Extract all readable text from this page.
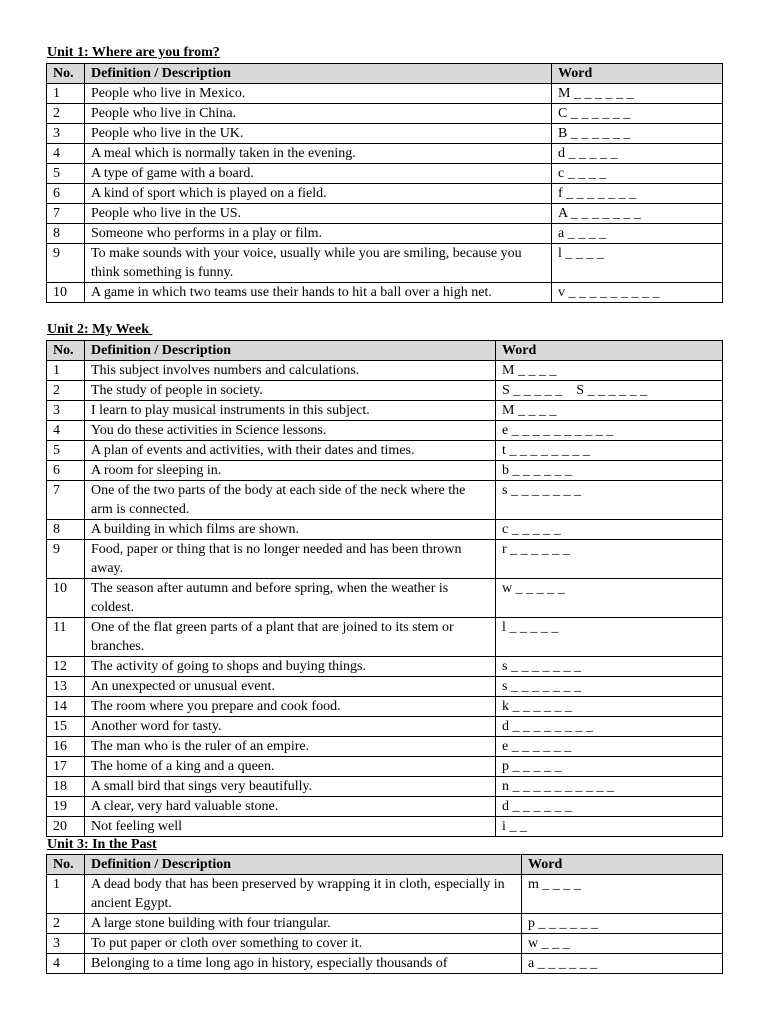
Unit 1: Where are you from?
No.	Definition / Description	Word
1	People who live in Mexico.	M _ _ _ _ _ _
2	People who live in China.	C _ _ _ _ _ _
3	People who live in the UK.	B _ _ _ _ _ _
4	A meal which is normally taken in the evening.	d _ _ _ _ _
5	A type of game with a board.	c _ _ _ _
6	A kind of sport which is played on a field.	f _ _ _ _ _ _ _
7	People who live in the US.	A _ _ _ _ _ _ _
8	Someone who performs in a play or film.	a _ _ _ _
9	To make sounds with your voice, usually while you are smiling, because you think something is funny.	l _ _ _ _
10	A game in which two teams use their hands to hit a ball over a high net.	v _ _ _ _ _ _ _ _ _
Unit 2: My Week
No.	Definition / Description	Word
1	This subject involves numbers and calculations.	M _ _ _ _
2	The study of people in society.	S _ _ _ _ _    S _ _ _ _ _ _
3	I learn to play musical instruments in this subject.	M _ _ _ _
4	You do these activities in Science lessons.	e _ _ _ _ _ _ _ _ _ _
5	A plan of events and activities, with their dates and times.	t _ _ _ _ _ _ _ _
6	A room for sleeping in.	b _ _ _ _ _ _
7	One of the two parts of the body at each side of the neck where the arm is connected.	s _ _ _ _ _ _ _
8	A building in which films are shown.	c _ _ _ _ _
9	Food, paper or thing that is no longer needed and has been thrown away.	r _ _ _ _ _ _
10	The season after autumn and before spring, when the weather is coldest.	w _ _ _ _ _
11	One of the flat green parts of a plant that are joined to its stem or branches.	l _ _ _ _ _
12	The activity of going to shops and buying things.	s _ _ _ _ _ _ _
13	An unexpected or unusual event.	s _ _ _ _ _ _ _
14	The room where you prepare and cook food.	k _ _ _ _ _ _
15	Another word for tasty.	d _ _ _ _ _ _ _ _
16	The man who is the ruler of an empire.	e _ _ _ _ _ _
17	The home of a king and a queen.	p _ _ _ _ _
18	A small bird that sings very beautifully.	n _ _ _ _ _ _ _ _ _ _
19	A clear, very hard valuable stone.	d _ _ _ _ _ _
20	Not feeling well	i _ _
Unit 3: In the Past
No.	Definition / Description	Word
1	A dead body that has been preserved by wrapping it in cloth, especially in ancient Egypt.	m _ _ _ _
2	A large stone building with four triangular.	p _ _ _ _ _ _
3	To put paper or cloth over something to cover it.	w _ _ _
4	Belonging to a time long ago in history, especially thousands of	a _ _ _ _ _ _
